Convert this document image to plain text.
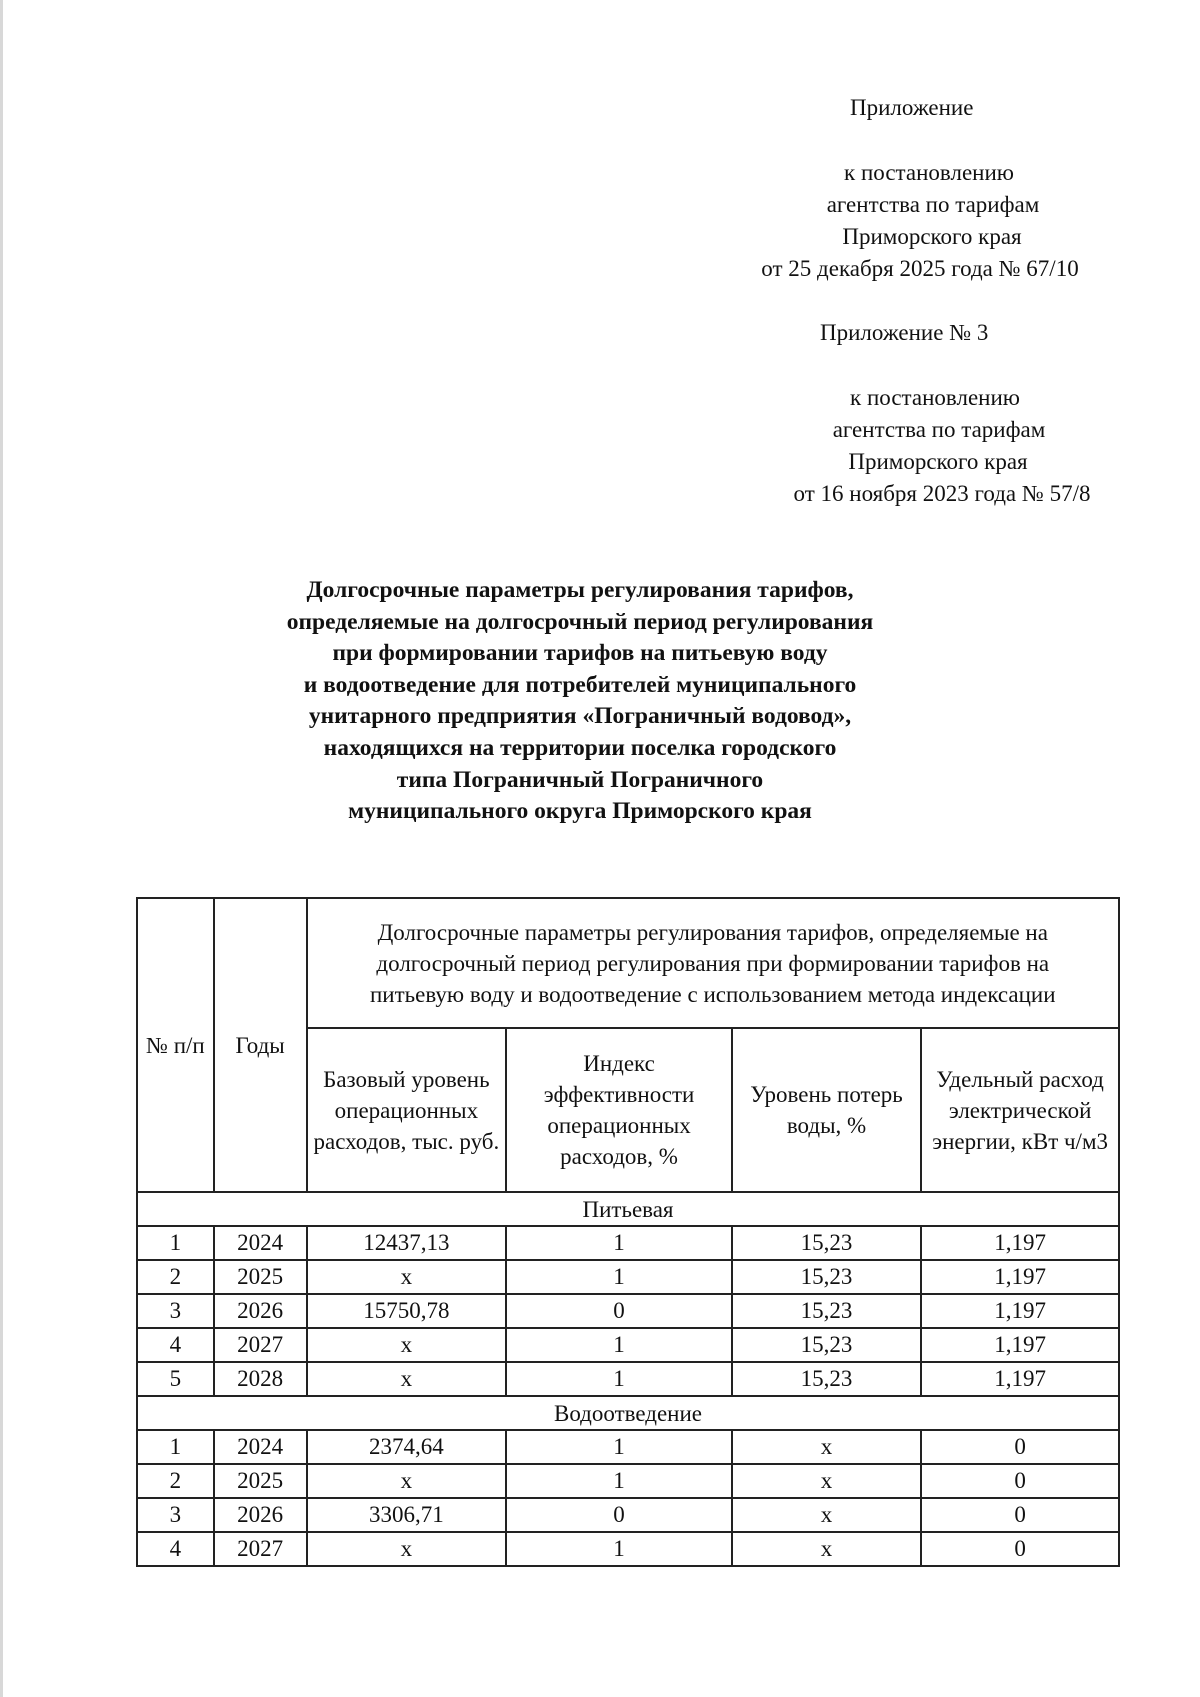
Приложение
к постановлению
агентства по тарифам
Приморского края
от 25 декабря 2025 года № 67/10
Приложение № 3
к постановлению
агентства по тарифам
Приморского края
от 16 ноября 2023 года № 57/8
Долгосрочные параметры регулирования тарифов,
определяемые на долгосрочный период регулирования
при формировании тарифов на питьевую воду
и водоотведение для потребителей муниципального
унитарного предприятия «Пограничный водовод»,
находящихся на территории поселка городского
типа Пограничный Пограничного
муниципального округа Приморского края
№ п/п	Годы	Долгосрочные параметры регулирования тарифов, определяемые на долгосрочный период регулирования при формировании тарифов на питьевую воду и водоотведение с использованием метода индексации			
		Базовый уровень операционных расходов, тыс. руб.	Индекс эффективности операционных расходов, %	Уровень потерь воды, %	Удельный расход электрической энергии, кВт ч/м3
Питьевая					
1	2024	12437,13	1	15,23	1,197
2	2025	х	1	15,23	1,197
3	2026	15750,78	0	15,23	1,197
4	2027	х	1	15,23	1,197
5	2028	х	1	15,23	1,197
Водоотведение					
1	2024	2374,64	1	х	0
2	2025	х	1	х	0
3	2026	3306,71	0	х	0
4	2027	х	1	х	0
